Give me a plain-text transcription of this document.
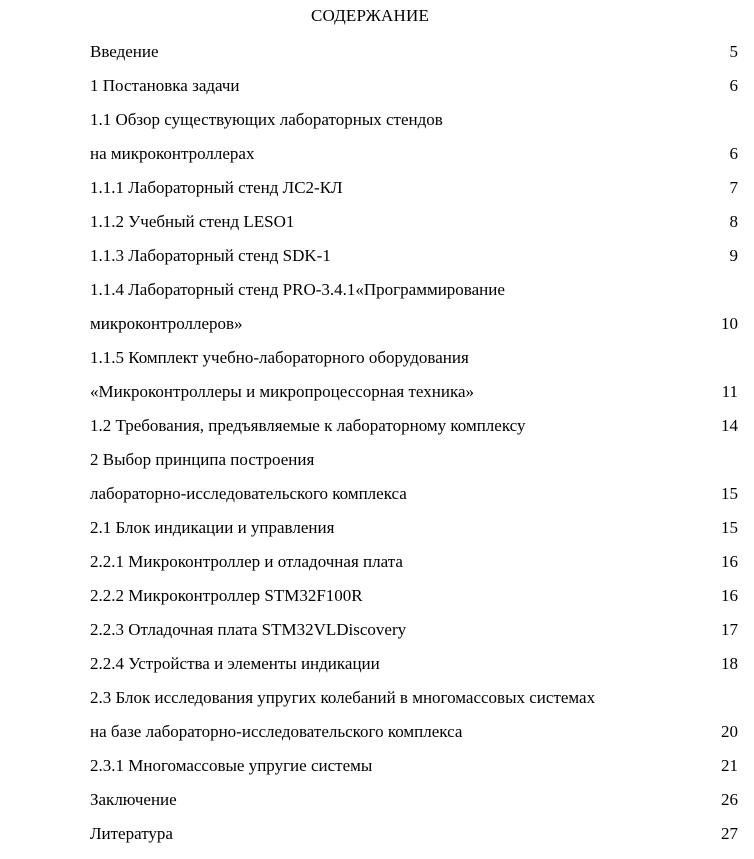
СОДЕРЖАНИЕ
Введение	5
1 Постановка задачи	6
1.1 Обзор существующих лабораторных стендов
на микроконтроллерах	6
1.1.1 Лабораторный стенд ЛС2-КЛ	7
1.1.2 Учебный стенд LESO1	8
1.1.3 Лабораторный стенд SDK-1	9
1.1.4 Лабораторный стенд PRO-3.4.1«Программирование
микроконтроллеров»	10
1.1.5 Комплект учебно-лабораторного оборудования
«Микроконтроллеры и микропроцессорная техника»	11
1.2 Требования, предъявляемые к лабораторному комплексу	14
2 Выбор принципа построения
лабораторно-исследовательского комплекса	15
2.1 Блок индикации и управления	15
2.2.1 Микроконтроллер и отладочная плата	16
2.2.2 Микроконтроллер STM32F100R	16
2.2.3 Отладочная плата STM32VLDiscovery	17
2.2.4 Устройства и элементы индикации	18
2.3 Блок исследования упругих колебаний в многомассовых системах
на базе лабораторно-исследовательского комплекса	20
2.3.1 Многомассовые упругие системы	21
Заключение	26
Литература	27
